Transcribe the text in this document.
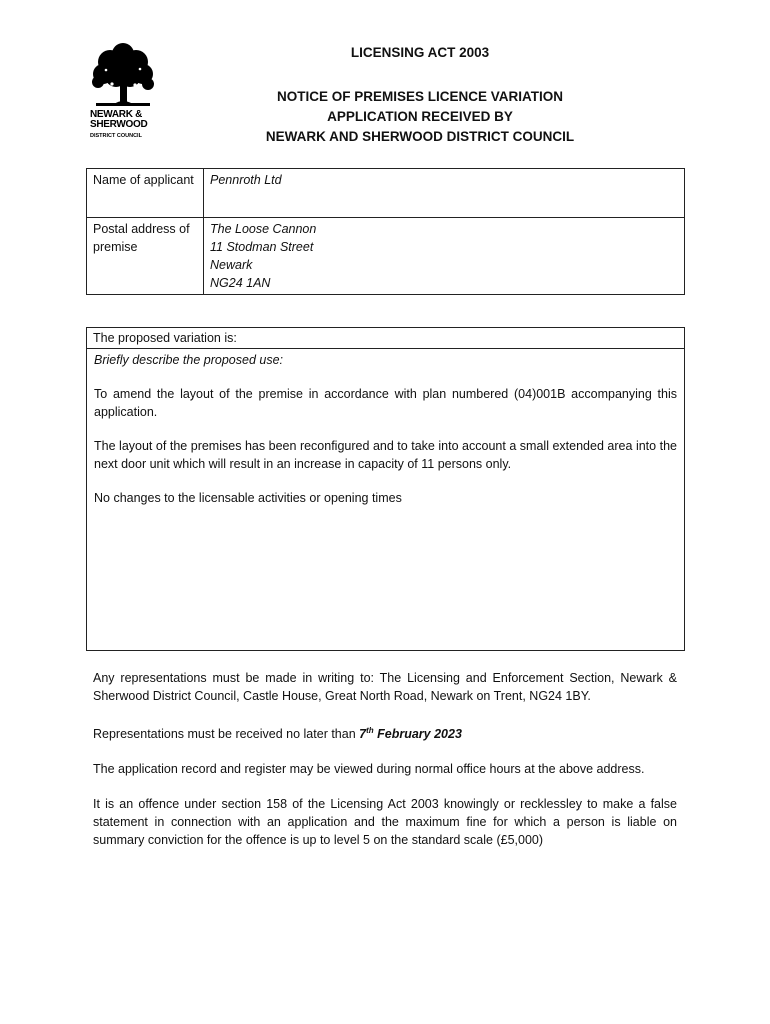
NEWARK &
SHERWOOD
DISTRICT COUNCIL
LICENSING ACT 2003
NOTICE OF PREMISES LICENCE VARIATION
APPLICATION RECEIVED BY
NEWARK AND SHERWOOD DISTRICT COUNCIL
Name of applicant	Pennroth Ltd
Postal address of premise	The Loose Cannon
11 Stodman Street
Newark
NG24 1AN
The proposed variation is:
Briefly describe the proposed use:

To amend the layout of the premise in accordance with plan numbered (04)001B accompanying this application.

The layout of the premises has been reconfigured and to take into account a small extended area into the next door unit which will result in an increase in capacity of 11 persons only.

No changes to the licensable activities or opening times

Any representations must be made in writing to: The Licensing and Enforcement Section, Newark & Sherwood District Council, Castle House, Great North Road, Newark on Trent, NG24 1BY.

Representations must be received no later than 7th February 2023

The application record and register may be viewed during normal office hours at the above address.

It is an offence under section 158 of the Licensing Act 2003 knowingly or recklessley to make a false statement in connection with an application and the maximum fine for which a person is liable on summary conviction for the offence is up to level 5 on the standard scale (£5,000)
